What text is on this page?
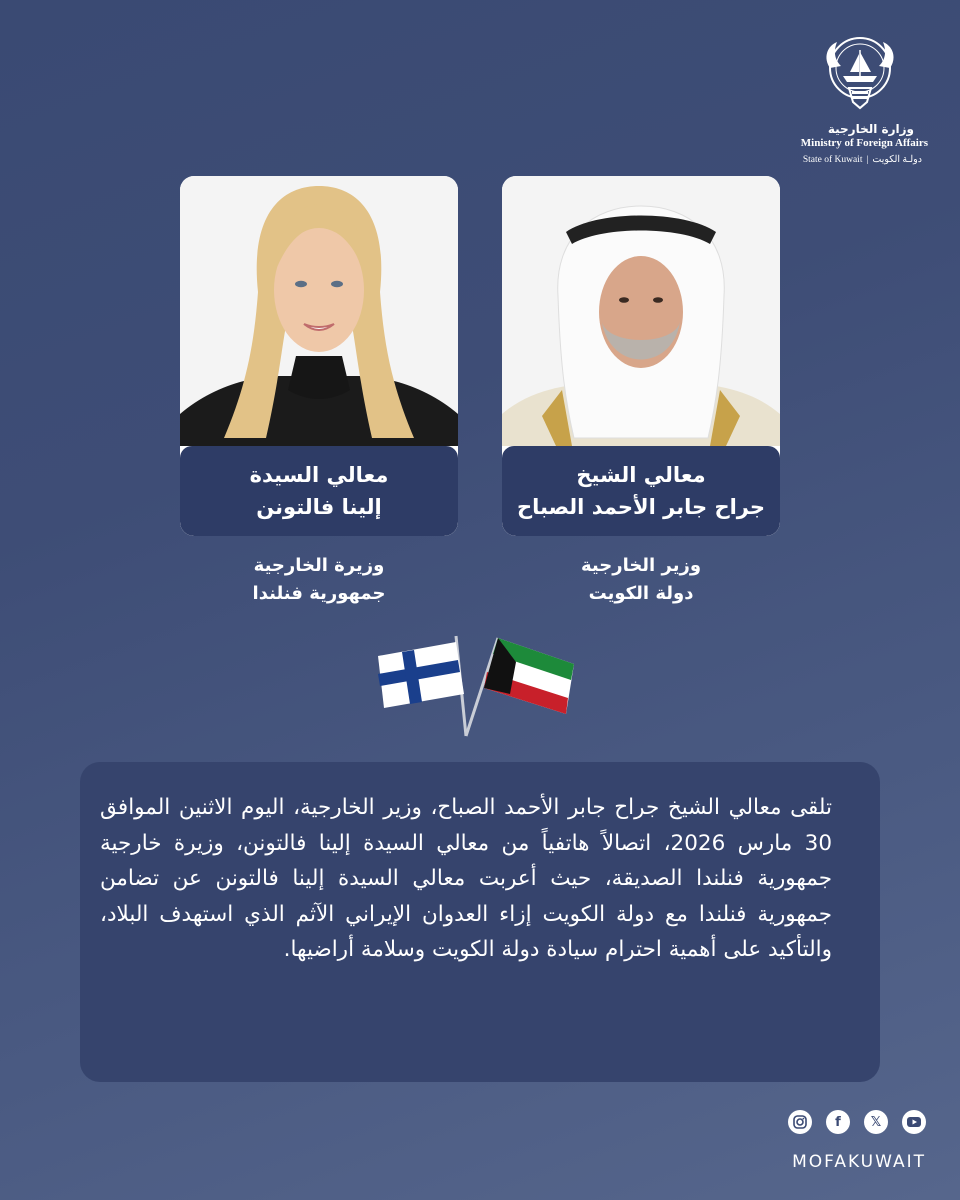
وزارة الخارجية
Ministry of Foreign Affairs
State of Kuwait | دولـة الكويت
معالي السيدة
إلينا فالتونن
معالي الشيخ
جراح جابر الأحمد الصباح
وزيرة الخارجية
جمهورية فنلندا
وزير الخارجية
دولة الكويت
تلقى معالي الشيخ جراح جابر الأحمد الصباح، وزير الخارجية، اليوم الاثنين الموافق 30 مارس 2026، اتصالاً هاتفياً من معالي السيدة إلينا فالتونن، وزيرة خارجية جمهورية فنلندا الصديقة، حيث أعربت معالي السيدة إلينا فالتونن عن تضامن جمهورية فنلندا مع دولة الكويت إزاء العدوان الإيراني الآثم الذي استهدف البلاد، والتأكيد على أهمية احترام سيادة دولة الكويت وسلامة أراضيها.
f	𝕏
MOFAKUWAIT
